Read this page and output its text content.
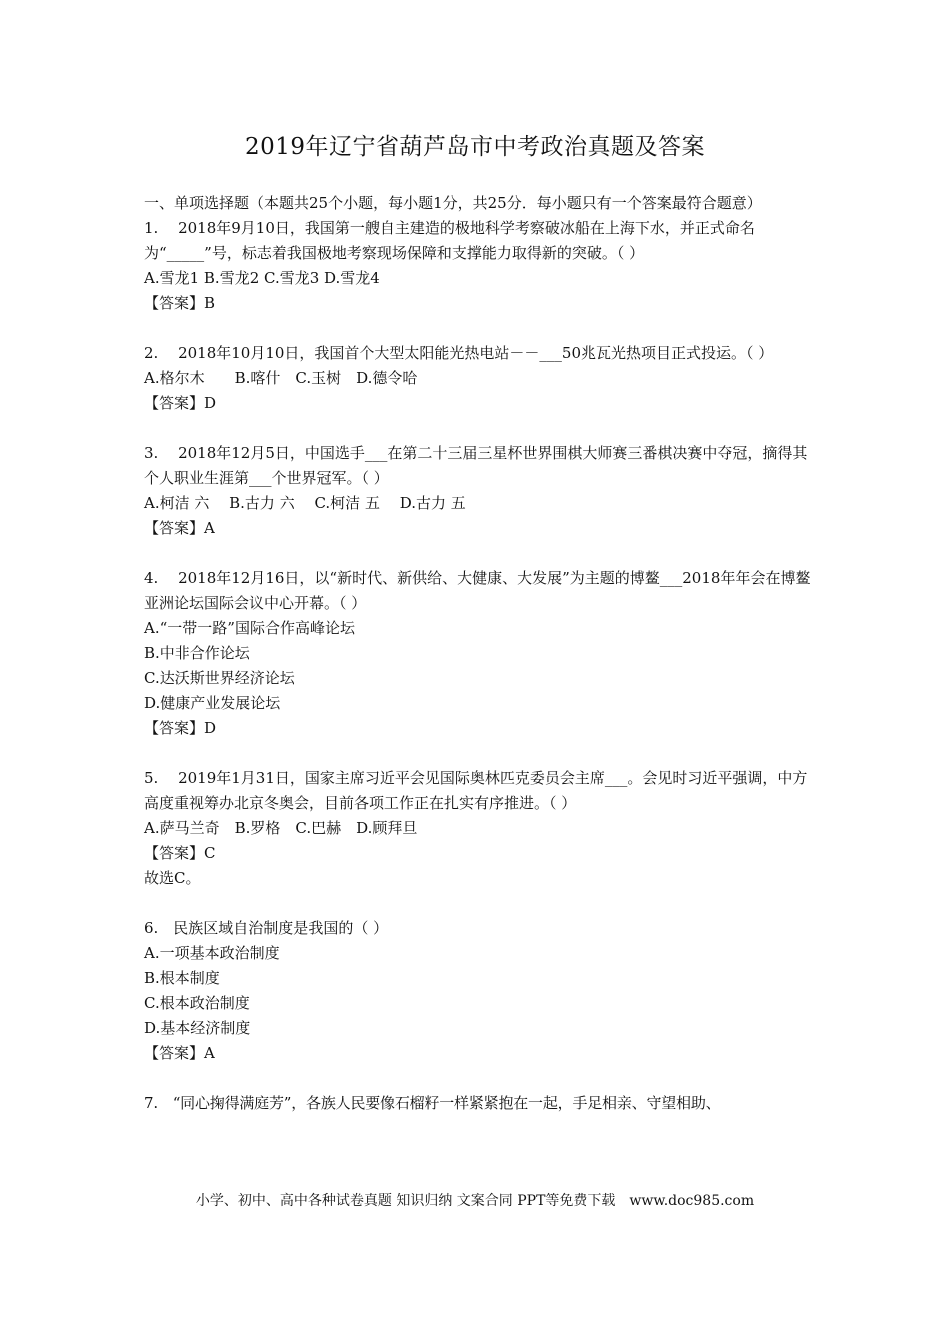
2019年辽宁省葫芦岛市中考政治真题及答案

一、单项选择题（本题共25个小题，每小题1分，共25分．每小题只有一个答案最符合题意）

1.　 2018年9月10日，我国第一艘自主建造的极地科学考察破冰船在上海下水，并正式命名为“_____”号，标志着我国极地考察现场保障和支撑能力取得新的突破。（ ）

A.雪龙1 B.雪龙2 C.雪龙3 D.雪龙4

【答案】B

2.　 2018年10月10日，我国首个大型太阳能光热电站－－___50兆瓦光热项目正式投运。（ ）

A.格尔木　　B.喀什　C.玉树　D.德令哈

【答案】D

3.　 2018年12月5日，中国选手___在第二十三届三星杯世界围棋大师赛三番棋决赛中夺冠，摘得其个人职业生涯第___个世界冠军。（ ）

A.柯洁 六　 B.古力 六　 C.柯洁 五　 D.古力 五

【答案】A

4.　 2018年12月16日，以“新时代、新供给、大健康、大发展”为主题的博鳌___2018年年会在博鳌亚洲论坛国际会议中心开幕。（ ）

A.“一带一路”国际合作高峰论坛

B.中非合作论坛

C.达沃斯世界经济论坛

D.健康产业发展论坛

【答案】D

5.　 2019年1月31日，国家主席习近平会见国际奥林匹克委员会主席___。会见时习近平强调，中方高度重视筹办北京冬奥会，目前各项工作正在扎实有序推进。（ ）

A.萨马兰奇　B.罗格　C.巴赫　D.顾拜旦

【答案】C

故选C。

6.　民族区域自治制度是我国的（ ）

A.一项基本政治制度

B.根本制度

C.根本政治制度

D.基本经济制度

【答案】A

7.　“同心掬得满庭芳”，各族人民要像石榴籽一样紧紧抱在一起，手足相亲、守望相助、

小学、初中、高中各种试卷真题 知识归纳 文案合同 PPT等免费下载　www.doc985.com
